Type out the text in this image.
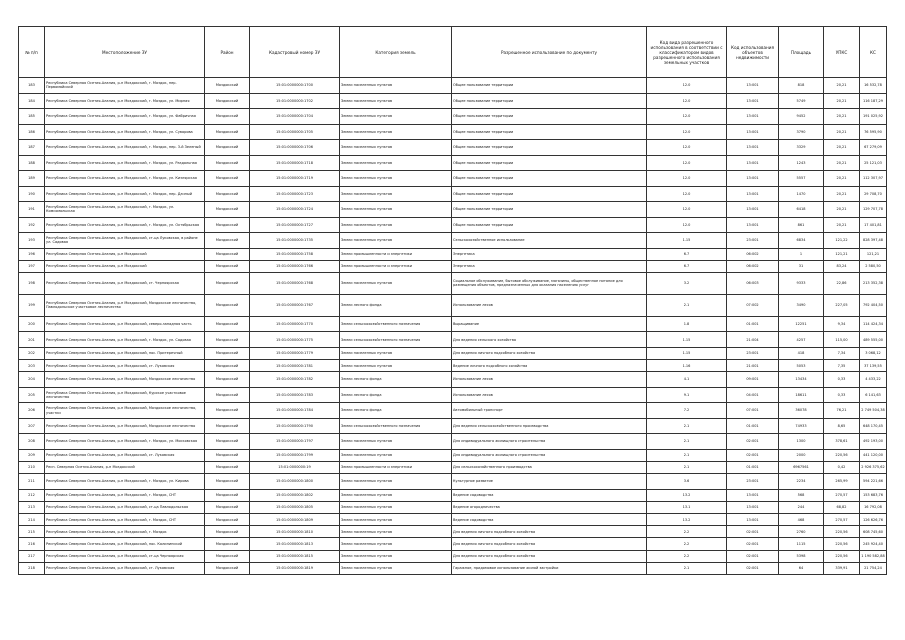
№ п/п	Местоположение ЗУ	Район	Кадастровый номер ЗУ	Категория земель	Разрешенное использование по документу	Код вида разрешенного использования в соответствии с классификатором видов разрешенного использования земельных участков	Код использования объектов недвижимости	Площадь	УПКС	КС
183	Республика Северная Осетия-Алания, р-н Моздокский, г. Моздок, пер. Первомайский	Моздокский	15:01:0000000:1700	Земли населенных пунктов	Общее пользование территории	12.0	13:001	818	20,21	16 532,78
184	Республика Северная Осетия-Алания, р-н Моздокский, г. Моздок, ул. Мирная	Моздокский	15:01:0000000:1702	Земли населенных пунктов	Общее пользование территории	12.0	13:001	5749	20,21	116 187,29
185	Республика Северная Осетия-Алания, р-н Моздокский, г. Моздок, ул. Фабричная	Моздокский	15:01:0000000:1704	Земли населенных пунктов	Общее пользование территории	12.0	13:001	9452	20,21	191 025,92
186	Республика Северная Осетия-Алания, р-н Моздокский, г. Моздок, ул. Суворова	Моздокский	15:01:0000000:1705	Земли населенных пунктов	Общее пользование территории	12.0	13:001	3790	20,21	76 595,90
187	Республика Северная Осетия-Алания, р-н Моздокский, г. Моздок, пер. 3-й Зеленый	Моздокский	15:01:0000000:1706	Земли населенных пунктов	Общее пользование территории	12.0	13:001	3329	20,21	67 279,09
188	Республика Северная Осетия-Алания, р-н Моздокский, г. Моздок, ул. Раздольная	Моздокский	15:01:0000000:1718	Земли населенных пунктов	Общее пользование территории	12.0	13:001	1243	20,21	25 121,03
189	Республика Северная Осетия-Алания, р-н Моздокский, г. Моздок, ул. Кизлярская	Моздокский	15:01:0000000:1719	Земли населенных пунктов	Общее пользование территории	12.0	13:001	5557	20,21	112 307,97
190	Республика Северная Осетия-Алания, р-н Моздокский, г. Моздок, пер. Дачный	Моздокский	15:01:0000000:1723	Земли населенных пунктов	Общее пользование территории	12.0	13:001	1470	20,21	29 708,70
191	Республика Северная Осетия-Алания, р-н Моздокский, г. Моздок, ул. Комсомольская	Моздокский	15:01:0000000:1724	Земли населенных пунктов	Общее пользование территории	12.0	13:001	6418	20,21	129 707,78
192	Республика Северная Осетия-Алания, р-н Моздокский, г. Моздок, ул. Октябрьская	Моздокский	15:01:0000000:1727	Земли населенных пунктов	Общее пользование территории	12.0	13:001	861	20,21	17 401,81
193	Республика Северная Осетия-Алания, р-н Моздокский, ст-ца Луковская, в районе ул. Садовая	Моздокский	15:01:0000000:1735	Земли населенных пунктов	Сельскохозяйственное использование	1.15	23:001	6834	121,22	828 397,48
196	Республика Северная Осетия-Алания, р-н Моздокский	Моздокский	15:01:0000000:1758	Земли промышленности и энергетики	Энергетика	6.7	06:002	1	121,21	121,21
197	Республика Северная Осетия-Алания, р-н Моздокский	Моздокский	15:01:0000000:1766	Земли промышленности и энергетики	Энергетика	6.7	06:002	31	83,24	2 580,50
198	Республика Северная Осетия-Алания, р-н Моздокский, ст. Черноярская	Моздокский	15:01:0000000:1768	Земли населенных пунктов	Социальное обслуживание, бытовое обслуживание, магазины, общественное питание для размещения объектов, предназначенных для оказания населению услуг	3.2	06:003	9333	22,86	213 352,38
199	Республика Северная Осетия-Алания, р-н Моздокский, Моздокское лесничество, Павлодольское участковое лесничество	Моздокский	15:01:0000000:1767	Земли лесного фонда	Использование лесов	2.1	07:002	3490	227,05	792 404,50
200	Республика Северная Осетия-Алания, р-н Моздокский, северо-западная часть	Моздокский	15:01:0000000:1770	Земли сельскохозяйственного назначения	Выращивание	1.8	01:001	12251	9,34	114 424,34
201	Республика Северная Осетия-Алания, р-н Моздокский, г. Моздок, ул. Садовая	Моздокский	15:01:0000000:1775	Земли сельскохозяйственного назначения	Для ведения сельского хозяйства	1.15	21:004	4257	115,00	489 555,00
202	Республика Северная Осетия-Алания, р-н Моздокский, пос. Притеречный	Моздокский	15:01:0000000:1779	Земли населенных пунктов	Для ведения личного подсобного хозяйства	1.15	23:001	418	7,34	3 068,12
203	Республика Северная Осетия-Алания, р-н Моздокский, ст. Луковская	Моздокский	15:01:0000000:1781	Земли населенных пунктов	Ведение личного подсобного хозяйства	1.16	21:001	5053	7,35	37 139,55
204	Республика Северная Осетия-Алания, р-н Моздокский, Моздокское лесничество	Моздокский	15:01:0000000:1782	Земли лесного фонда	Использование лесов	4.1	09:001	13434	0,33	4 433,22
205	Республика Северная Осетия-Алания, р-н Моздокский, Курское участковое лесничество	Моздокский	15:01:0000000:1783	Земли лесного фонда	Использование лесов	9.1	04:001	18611	0,33	6 141,63
206	Республика Северная Осетия-Алания, р-н Моздокский, Моздокское лесничество, участки	Моздокский	15:01:0000000:1784	Земли лесного фонда	Автомобильный транспорт	7.2	07:001	36078	76,21	2 749 504,38
207	Республика Северная Осетия-Алания, р-н Моздокский, Моздокское лесничество	Моздокский	15:01:0000000:1790	Земли сельскохозяйственного назначения	Для ведения сельскохозяйственного производства	2.1	01:001	74933	8,65	648 170,45
208	Республика Северная Осетия-Алания, р-н Моздокский, г. Моздок, ул. Московская	Моздокский	15:01:0000000:1797	Земли населенных пунктов	Для индивидуального жилищного строительства	2.1	02:001	1300	378,61	492 193,00
209	Республика Северная Осетия-Алания, р-н Моздокский, ст. Луковская	Моздокский	15:01:0000000:1799	Земли населенных пунктов	Для индивидуального жилищного строительства	2.1	02:001	2000	220,56	441 120,00
210	Респ. Северная Осетия-Алания, р-н Моздокский	Моздокский	15:01:0000000:19	Земли промышленности и энергетики	Для сельскохозяйственного производства	2.1	01:001	6967561	0,42	2 926 375,62
211	Республика Северная Осетия-Алания, р-н Моздокский, г. Моздок, ул. Кирова	Моздокский	15:01:0000000:1800	Земли населенных пунктов	Культурное развитие	3.6	23:001	2234	265,99	594 221,66
212	Республика Северная Осетия-Алания, р-н Моздокский, г. Моздок, СНТ	Моздокский	15:01:0000000:1802	Земли населенных пунктов	Ведение садоводства	13.2	13:001	568	270,57	153 683,76
213	Республика Северная Осетия-Алания, р-н Моздокский, ст-ца Павлодольская	Моздокский	15:01:0000000:1805	Земли населенных пунктов	Ведение огородничества	13.1	13:001	244	68,82	16 792,08
214	Республика Северная Осетия-Алания, р-н Моздокский, г. Моздок, СНТ	Моздокский	15:01:0000000:1809	Земли населенных пунктов	Ведение садоводства	13.2	13:001	468	270,57	126 626,76
215	Республика Северная Осетия-Алания, р-н Моздокский, г. Моздок	Моздокский	15:01:0000000:1810	Земли населенных пунктов	Для ведения личного подсобного хозяйства	2.2	02:001	2760	220,56	608 745,60
216	Республика Северная Осетия-Алания, р-н Моздокский, пос. Калининский	Моздокский	15:01:0000000:1813	Земли населенных пунктов	Для ведения личного подсобного хозяйства	2.2	02:001	1115	220,56	245 924,40
217	Республика Северная Осетия-Алания, р-н Моздокский, ст-ца Черноярская	Моздокский	15:01:0000000:1815	Земли населенных пунктов	Для ведения личного подсобного хозяйства	2.2	02:001	5398	220,56	1 190 582,88
218	Республика Северная Осетия-Алания, р-н Моздокский, ст. Луковская	Моздокский	15:01:0000000:1819	Земли населенных пунктов	Гаражное, придомовое использование жилой застройки	2.1	02:001	64	339,91	21 754,24
